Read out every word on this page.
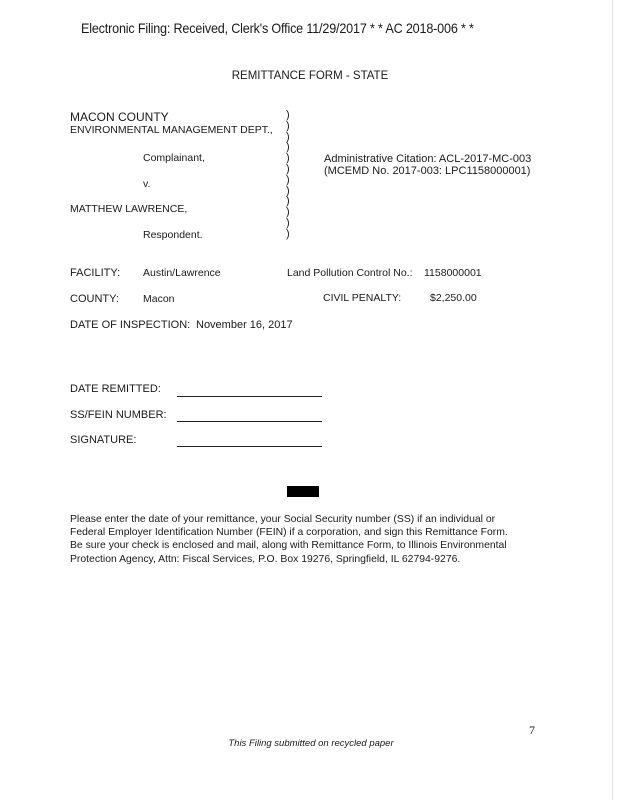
Electronic Filing: Received, Clerk's Office 11/29/2017 * * AC 2018-006 * *
REMITTANCE FORM - STATE
MACON COUNTY
ENVIRONMENTAL MANAGEMENT DEPT.,
Complainant,
v.
MATTHEW LAWRENCE,
Respondent.
)
)
)
)
)
)
)
)
)
)
)
)
Administrative Citation: ACL-2017-MC-003
(MCEMD No. 2017-003: LPC1158000001)
FACILITY: Austin/Lawrence	Land Pollution Control No.: 1158000001
COUNTY: Macon	CIVIL PENALTY:	$2,250.00
DATE OF INSPECTION: November 16, 2017
DATE REMITTED:
SS/FEIN NUMBER:
SIGNATURE:
Please enter the date of your remittance, your Social Security number (SS) if an individual or
Federal Employer Identification Number (FEIN) if a corporation, and sign this Remittance Form.
Be sure your check is enclosed and mail, along with Remittance Form, to Illinois Environmental
Protection Agency, Attn: Fiscal Services, P.O. Box 19276, Springfield, IL 62794-9276.
7
This Filing submitted on recycled paper
